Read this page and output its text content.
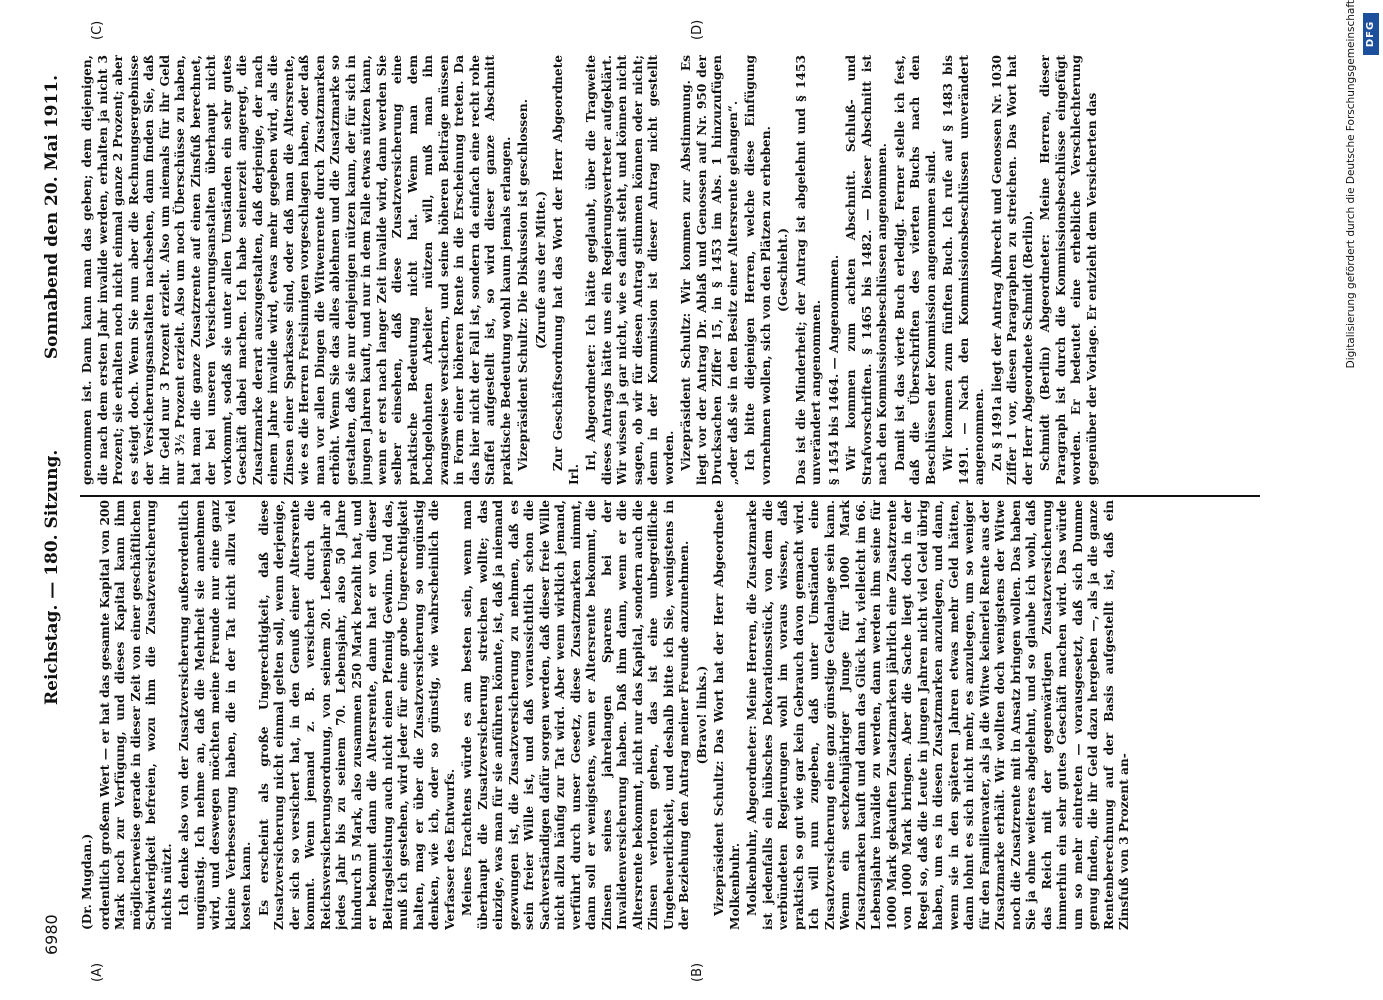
6980
Reichstag. — 180. Sitzung.
Sonnabend den 20. Mai 1911.
(A)	(B)
(C)	(D)

(Dr. Mugdan.) ordentlich großem Wert — er hat das gesamte Kapital von 200 Mark noch zur Verfügung, und dieses Kapital kann ihm möglicherweise gerade in dieser Zeit von einer geschäftlichen Schwierigkeit befreien, wozu ihm die Zusatzversicherung nichts nützt. Ich denke also von der Zusatzversicherung außerordentlich ungünstig. Ich nehme an, daß die Mehrheit sie annehmen wird, und deswegen möchten meine Freunde nur eine ganz kleine Verbesserung haben, die in der Tat nicht allzu viel kosten kann. Es erscheint als große Ungerechtigkeit, daß diese Zusatzversicherung nicht einmal gelten soll, wenn derjenige, der sich so versichert hat, in den Genuß einer Altersrente kommt. Wenn jemand z. B. versichert durch die Reichsversicherungsordnung, von seinem 20. Lebensjahr ab jedes Jahr bis zu seinem 70. Lebensjahr, also 50 Jahre hindurch 5 Mark, also zusammen 250 Mark bezahlt hat, und er bekommt dann die Altersrente, dann hat er von dieser Beitragsleistung auch nicht einen Pfennig Gewinn. Und das, muß ich gestehen, wird jeder für eine grobe Ungerechtigkeit halten, mag er über die Zusatzversicherung so ungünstig denken, wie ich, oder so günstig, wie wahrscheinlich die Verfasser des Entwurfs. Meines Erachtens würde es am besten sein, wenn man überhaupt die Zusatzversicherung streichen wollte; das einzige, was man für sie anführen könnte, ist, daß ja niemand gezwungen ist, die Zusatzversicherung zu nehmen, daß es sein freier Wille ist, und daß voraussichtlich schon die Sachverständigen dafür sorgen werden, daß dieser freie Wille nicht allzu häufig zur Tat wird. Aber wenn wirklich jemand, verführt durch unser Gesetz, diese Zusatzmarken nimmt, dann soll er wenigstens, wenn er Altersrente bekommt, die Zinsen seines jahrelangen Sparens bei der Invalidenversicherung haben. Daß ihm dann, wenn er die Altersrente bekommt, nicht nur das Kapital, sondern auch die Zinsen verloren gehen, das ist eine unbegreifliche Ungeheuerlichkeit, und deshalb bitte ich Sie, wenigstens in der Beziehung den Antrag meiner Freunde anzunehmen. (Bravo! links.) Vizepräsident Schultz: Das Wort hat der Herr Abgeordnete Molkenbuhr. Molkenbuhr, Abgeordneter: Meine Herren, die Zusatzmarke ist jedenfalls ein hübsches Dekorationsstück, von dem die verbündeten Regierungen wohl im voraus wissen, daß praktisch so gut wie gar kein Gebrauch davon gemacht wird. Ich will nun zugeben, daß unter Umständen eine Zusatzversicherung eine ganz günstige Geldanlage sein kann. Wenn ein sechzehnjähriger Junge für 1000 Mark Zusatzmarken kauft und dann das Glück hat, vielleicht im 66. Lebensjahre invalide zu werden, dann werden ihm seine für 1000 Mark gekauften Zusatzmarken jährlich eine Zusatzrente von 1000 Mark bringen. Aber die Sache liegt doch in der Regel so, daß die Leute in jungen Jahren nicht viel Geld übrig haben, um es in diesen Zusatzmarken anzulegen, und dann, wenn sie in den späteren Jahren etwas mehr Geld hätten, dann lohnt es sich nicht mehr, es anzulegen, um so weniger für den Familienvater, als ja die Witwe keinerlei Rente aus der Zusatzmarke erhält. Wir wollten doch wenigstens der Witwe noch die Zusatzrente mit in Ansatz bringen wollen. Das haben Sie ja ohne weiteres abgelehnt, und so glaube ich wohl, daß das Reich mit der gegenwärtigen Zusatzversicherung immerhin ein sehr gutes Geschäft machen wird. Das würde um so mehr eintreten — vorausgesetzt, daß sich Dumme genug finden, die ihr Geld dazu hergeben —, als ja die ganze Rentenberechnung auf der Basis aufgestellt ist, daß ein Zinsfuß von 3 Prozent an-

genommen ist. Dann kann man das geben; dem diejenigen, die nach dem ersten Jahr invalide werden, erhalten ja nicht 3 Prozent; sie erhalten noch nicht einmal ganze 2 Prozent; aber es steigt doch. Wenn Sie nun aber die Rechnungsergebnisse der Versicherungsanstalten nachsehen, dann finden Sie, daß ihr Geld nur 3 Prozent erzielt. Also um niemals für ihr Geld nur 3½ Prozent erzielt. Also um noch Überschüsse zu haben, hat man die ganze Zusatzrente auf einen Zinsfuß berechnet, der bei unseren Versicherungsanstalten überhaupt nicht vorkommt, sodaß sie unter allen Umständen ein sehr gutes Geschäft dabei machen. Ich habe seinerzeit angeregt, die Zusatzmarke derart auszugestalten, daß derjenige, der nach einem Jahre invalide wird, etwas mehr gegeben wird, als die Zinsen einer Sparkasse sind, oder daß man die Altersrente, wie es die Herren Freisinnigen vorgeschlagen haben, oder daß man vor allen Dingen die Witwenrente durch Zusatzmarken erhöht. Wenn Sie das alles ablehnen und die Zusatzmarke so gestalten, daß sie nur denjenigen nützen kann, der für sich in jungen Jahren kauft, und nur in dem Falle etwas nützen kann, wenn er erst nach langer Zeit invalide wird, dann werden Sie selber einsehen, daß diese Zusatzversicherung eine praktische Bedeutung nicht hat. Wenn man dem hochgelohnten Arbeiter nützen will, muß man ihn zwangsweise versichern, und seine höheren Beiträge müssen in Form einer höheren Rente in die Erscheinung treten. Da das hier nicht der Fall ist, sondern da einfach eine recht rohe Staffel aufgestellt ist, so wird dieser ganze Abschnitt praktische Bedeutung wohl kaum jemals erlangen. Vizepräsident Schultz: Die Diskussion ist geschlossen. (Zurufe aus der Mitte.) Zur Geschäftsordnung hat das Wort der Herr Abgeordnete Irl.

Irl, Abgeordneter: Ich hätte geglaubt, über die Tragweite dieses Antrags hätte uns ein Regierungsvertreter aufgeklärt. Wir wissen ja gar nicht, wie es damit steht, und können nicht sagen, ob wir für diesen Antrag stimmen können oder nicht; denn in der Kommission ist dieser Antrag nicht gestellt worden. Vizepräsident Schultz: Wir kommen zur Abstimmung. Es liegt vor der Antrag Dr. Ablaß und Genossen auf Nr. 950 der Drucksachen Ziffer 15, in § 1453 im Abs. 1 hinzuzufügen „oder daß sie in den Besitz einer Altersrente gelangen“. Ich bitte diejenigen Herren, welche diese Einfügung vornehmen wollen, sich von den Plätzen zu erheben. (Geschieht.) Das ist die Minderheit; der Antrag ist abgelehnt und § 1453 unverändert angenommen. § 1454 bis 1464. — Angenommen. Wir kommen zum achten Abschnitt. Schluß- und Strafvorschriften. § 1465 bis 1482. — Dieser Abschnitt ist nach den Kommissionsbeschlüssen angenommen. Damit ist das vierte Buch erledigt. Ferner stelle ich fest, daß die Überschriften des vierten Buchs nach den Beschlüssen der Kommission angenommen sind. Wir kommen zum fünften Buch. Ich rufe auf § 1483 bis 1491. — Nach den Kommissionsbeschlüssen unverändert angenommen. Zu § 1491a liegt der Antrag Albrecht und Genossen Nr. 1030 Ziffer 1 vor, diesen Paragraphen zu streichen. Das Wort hat der Herr Abgeordnete Schmidt (Berlin). Schmidt (Berlin) Abgeordneter: Meine Herren, dieser Paragraph ist durch die Kommissionsbeschlüsse eingefügt worden. Er bedeutet eine erhebliche Verschlechterung gegenüber der Vorlage. Er entzieht dem Versicherten das	Digitalisierung gefördert durch die Deutsche Forschungsgemeinschaft DFG
